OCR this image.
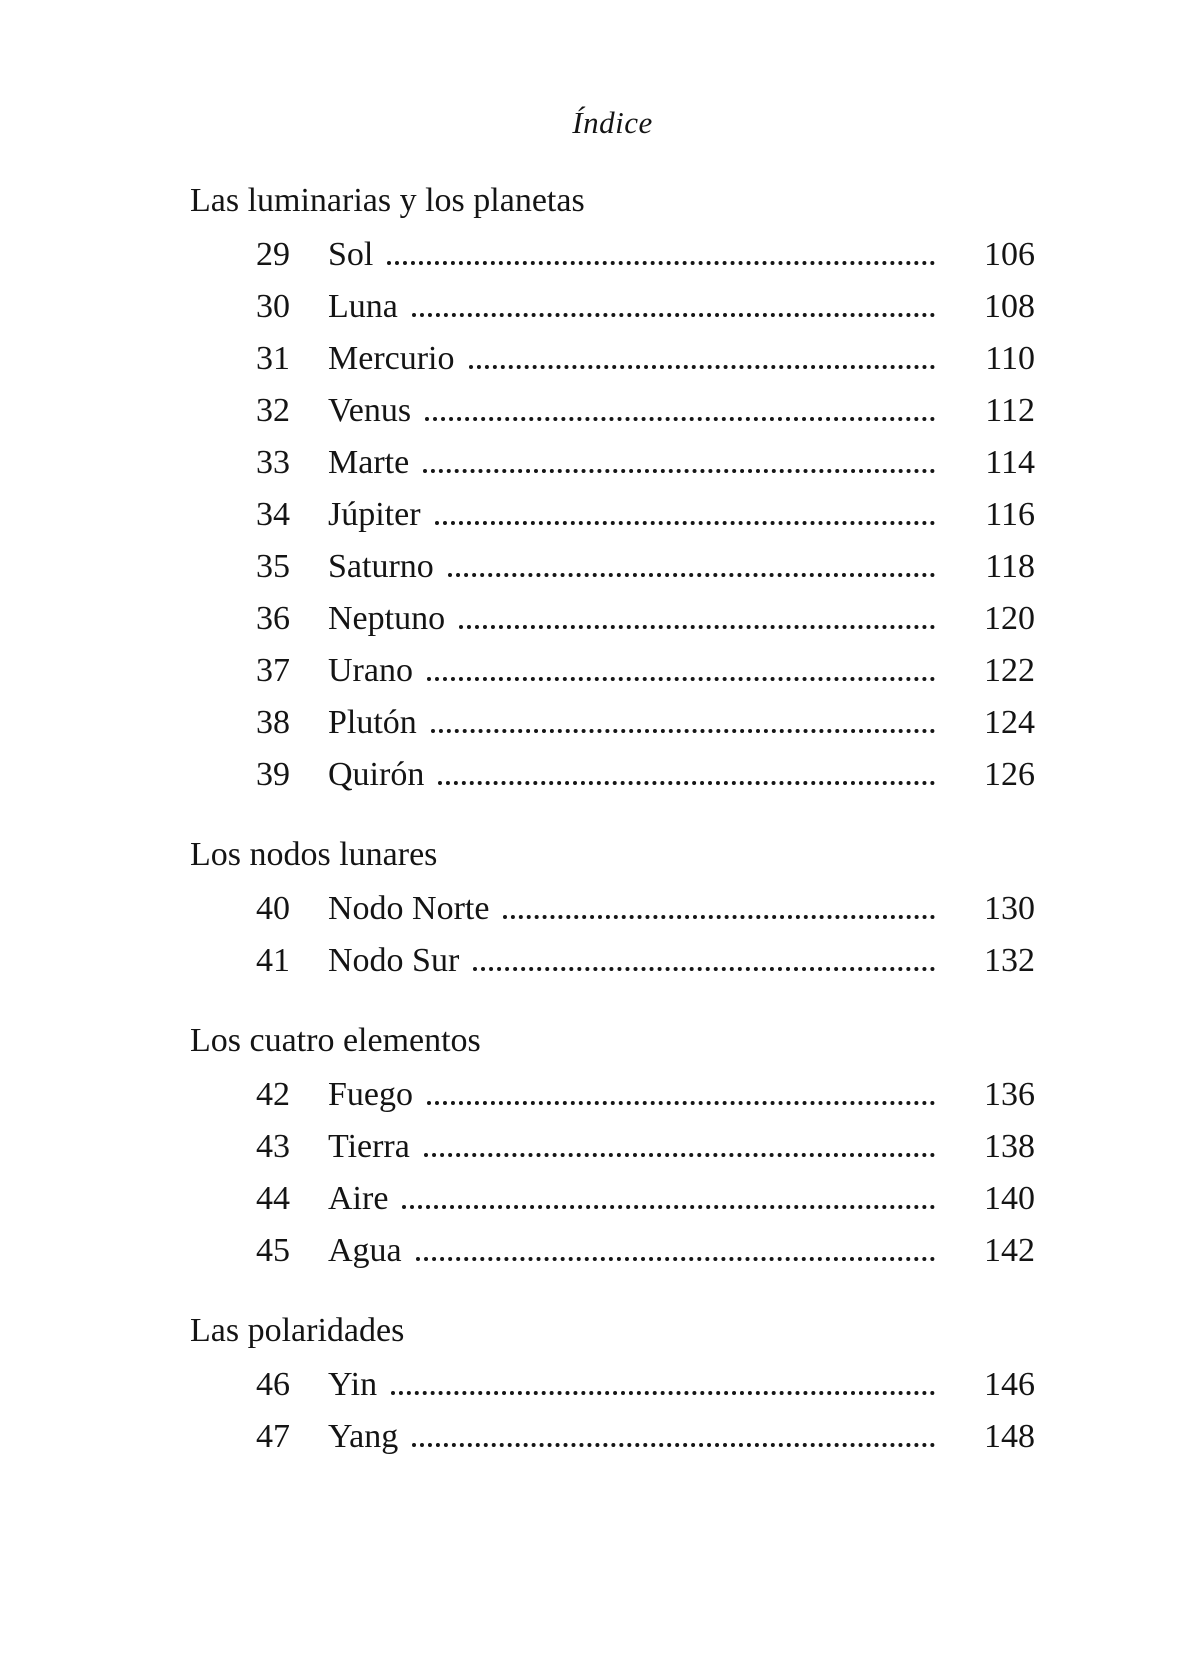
Índice
Las luminarias y los planetas
29 Sol	106
30 Luna	108
31 Mercurio	110
32 Venus	112
33 Marte	114
34 Júpiter	116
35 Saturno	118
36 Neptuno	120
37 Urano	122
38 Plutón	124
39 Quirón	126
Los nodos lunares
40 Nodo Norte	130
41 Nodo Sur	132
Los cuatro elementos
42 Fuego	136
43 Tierra	138
44 Aire	140
45 Agua	142
Las polaridades
46 Yin	146
47 Yang	148
